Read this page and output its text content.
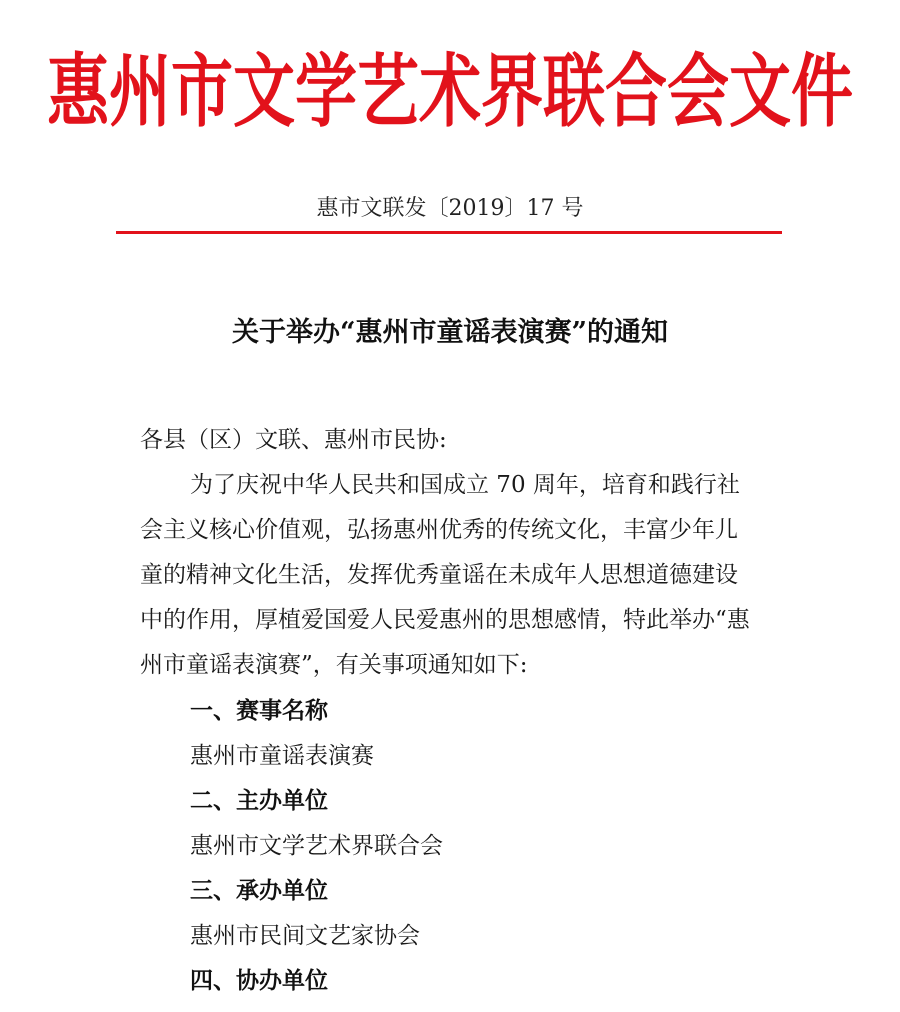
惠州市文学艺术界联合会文件
惠市文联发〔2019〕17 号
关于举办“惠州市童谣表演赛”的通知
各县（区）文联、惠州市民协:
为了庆祝中华人民共和国成立 70 周年，培育和践行社
会主义核心价值观，弘扬惠州优秀的传统文化，丰富少年儿
童的精神文化生活，发挥优秀童谣在未成年人思想道德建设
中的作用，厚植爱国爱人民爱惠州的思想感情，特此举办“惠
州市童谣表演赛”，有关事项通知如下:
一、赛事名称
惠州市童谣表演赛
二、主办单位
惠州市文学艺术界联合会
三、承办单位
惠州市民间文艺家协会
四、协办单位
